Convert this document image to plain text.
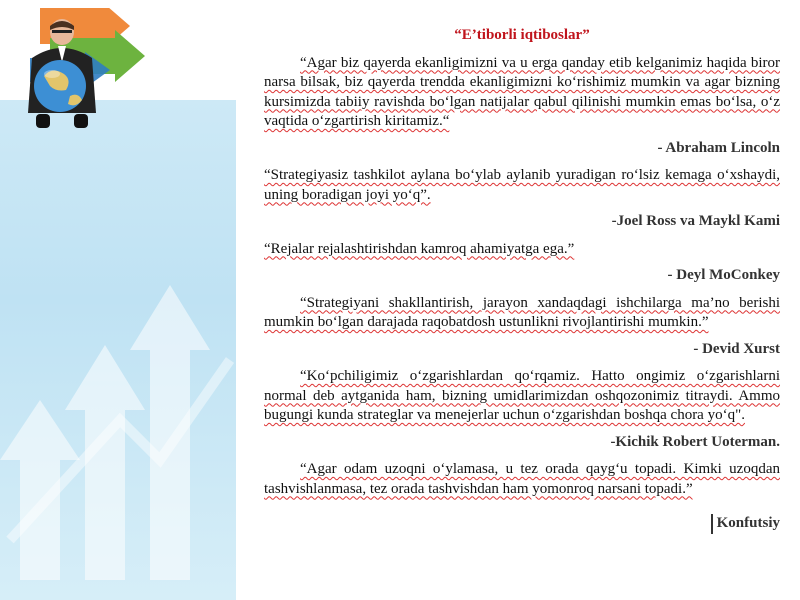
“E’tiborli iqtiboslar”

“Agar biz qayerda ekanligimizni va u erga qanday etib kelganimiz haqida biror narsa bilsak, biz qayerda trendda ekanligimizni ko‘rishimiz mumkin va agar bizning kursimizda tabiiy ravishda bo‘lgan natijalar qabul qilinishi mumkin emas bo‘lsa, o‘z vaqtida o‘zgartirish kiritamiz.“

- Abraham Lincoln

“Strategiyasiz tashkilot aylana bo‘ylab aylanib yuradigan ro‘lsiz kemaga o‘xshaydi, uning boradigan joyi yo‘q”.

-Joel Ross va Maykl Kami

“Rejalar rejalashtirishdan kamroq ahamiyatga ega.”

- Deyl MoConkey

“Strategiyani shakllantirish, jarayon xandaqdagi ishchilarga ma’no berishi mumkin bo‘lgan darajada raqobatdosh ustunlikni rivojlantirishi mumkin.”

- Devid Xurst

“Ko‘pchiligimiz o‘zgarishlardan qo‘rqamiz. Hatto ongimiz o‘zgarishlarni normal deb aytganida ham, bizning umidlarimizdan oshqozonimiz titraydi. Ammo bugungi kunda strateglar va menejerlar uchun o‘zgarishdan boshqa chora yo‘q".

-Kichik Robert Uoterman.

“Agar odam uzoqni o‘ylamasa, u tez orada qayg‘u topadi. Kimki uzoqdan tashvishlanmasa, tez orada tashvishdan ham yomonroq narsani topadi.”

Konfutsiy
